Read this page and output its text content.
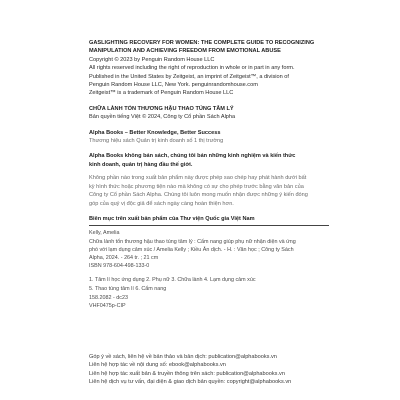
GASLIGHTING RECOVERY FOR WOMEN: THE COMPLETE GUIDE TO RECOGNIZING
MANIPULATION AND ACHIEVING FREEDOM FROM EMOTIONAL ABUSE
Copyright © 2023 by Penguin Random House LLC
All rights reserved including the right of reproduction in whole or in part in any form.
Published in the United States by Zeitgeist, an imprint of Zeitgeist™, a division of
Penguin Random House LLC, New York. penguinrandomhouse.com
Zeitgeist™ is a trademark of Penguin Random House LLC
CHỮA LÀNH TỔN THƯƠNG HẬU THAO TÚNG TÂM LÝ
Bản quyền tiếng Việt © 2024, Công ty Cổ phần Sách Alpha
Alpha Books – Better Knowledge, Better Success
Thương hiệu sách Quản trị kinh doanh số 1 thị trường
Alpha Books không bán sách, chúng tôi bán những kinh nghiệm và kiến thức
kinh doanh, quản trị hàng đầu thế giới.
Không phần nào trong xuất bản phẩm này được phép sao chép hay phát hành dưới bất
kỳ hình thức hoặc phương tiện nào mà không có sự cho phép trước bằng văn bản của
Công ty Cổ phần Sách Alpha. Chúng tôi luôn mong muốn nhận được những ý kiến đóng
góp của quý vị độc giả để sách ngày càng hoàn thiện hơn.
Biên mục trên xuất bản phẩm của Thư viện Quốc gia Việt Nam
Kelly, Amelia
Chữa lành tổn thương hậu thao túng tâm lý : Cẩm nang giúp phụ nữ nhận diện và ứng
phó với lạm dụng cảm xúc / Amelia Kelly ; Kiều Ân dịch. - H. : Văn học ; Công ty Sách
Alpha, 2024. - 264 tr. ; 21 cm
ISBN 978-604-498-133-0
1. Tâm lí học ứng dụng 2. Phụ nữ 3. Chữa lành 4. Lạm dụng cảm xúc
5. Thao túng tâm lí 6. Cẩm nang
158.2082 - dc23
VHF0475p-CIP
Góp ý về sách, liên hệ về bản thảo và bản dịch: publication@alphabooks.vn
Liên hệ hợp tác về nội dung số: ebook@alphabooks.vn
Liên hệ hợp tác xuất bản & truyền thông trên sách: publication@alphabooks.vn
Liên hệ dịch vụ tư vấn, đại diện & giao dịch bản quyền: copyright@alphabooks.vn
